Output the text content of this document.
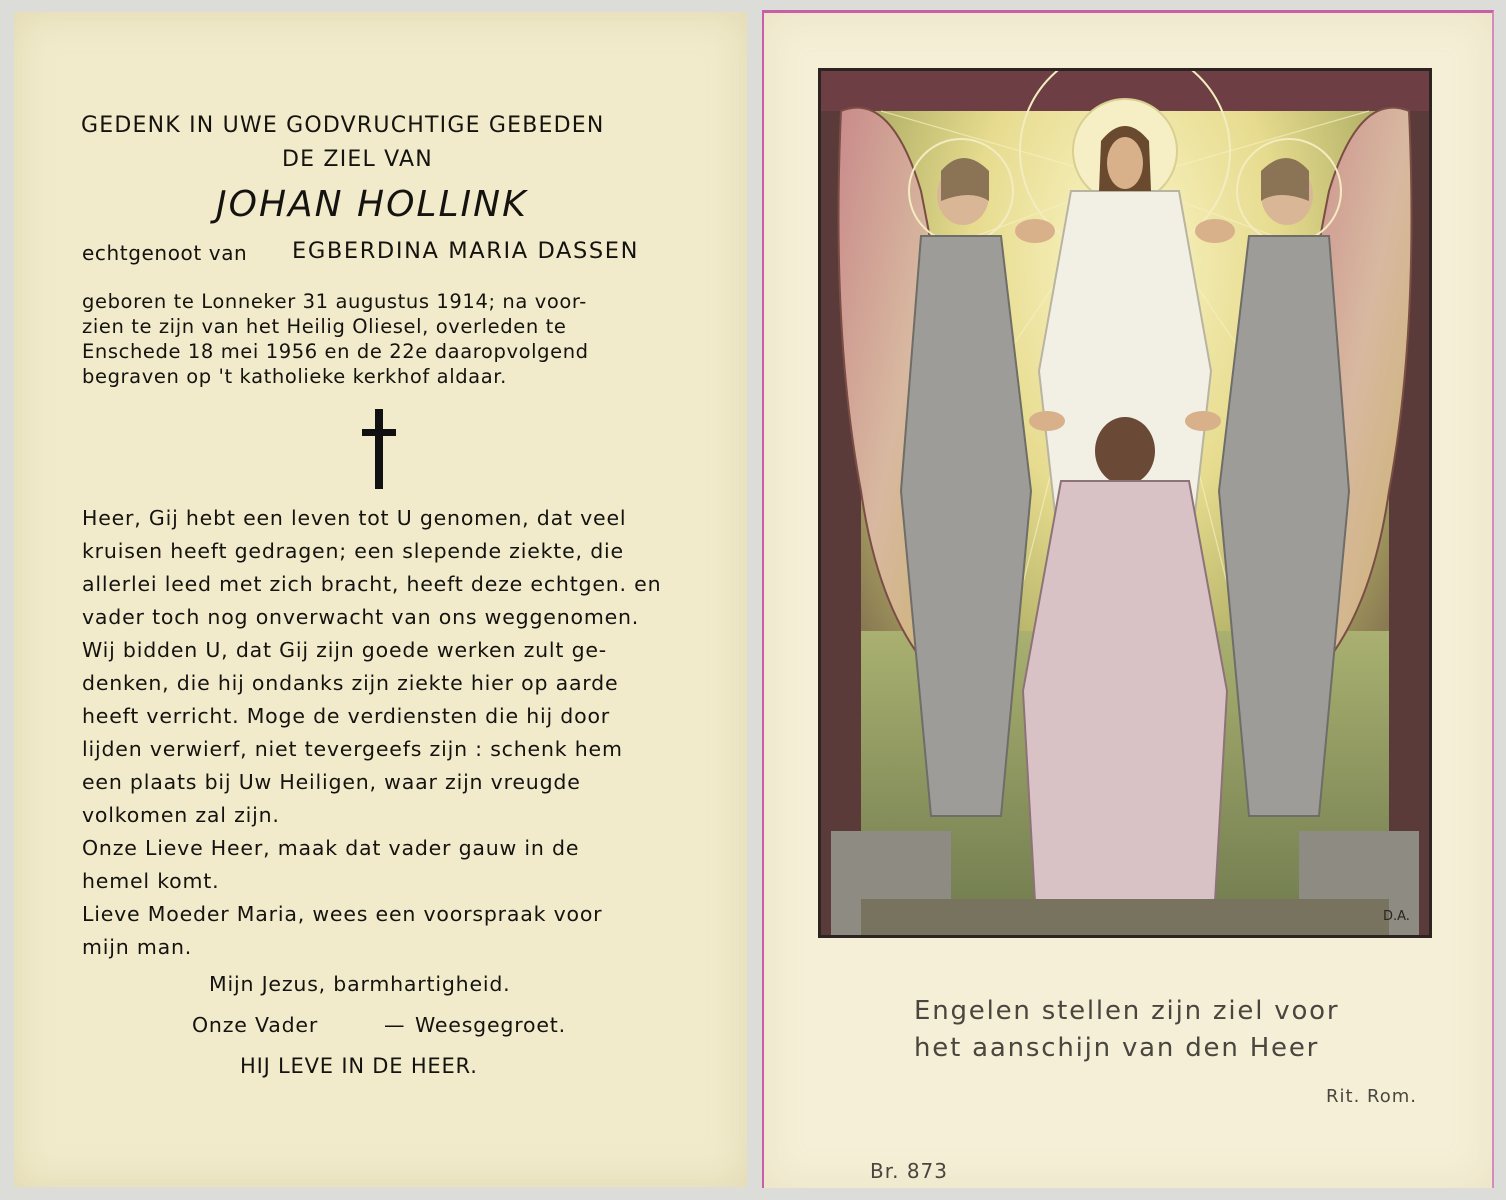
GEDENK IN UWE GODVRUCHTIGE GEBEDEN
DE ZIEL VAN
JOHAN HOLLINK
echtgenoot van EGBERDINA MARIA DASSEN
geboren te Lonneker 31 augustus 1914; na voor-
zien te zijn van het Heilig Oliesel, overleden te
Enschede 18 mei 1956 en de 22e daaropvolgend
begraven op 't katholieke kerkhof aldaar.
Heer, Gij hebt een leven tot U genomen, dat veel
kruisen heeft gedragen; een slepende ziekte, die
allerlei leed met zich bracht, heeft deze echtgen. en
vader toch nog onverwacht van ons weggenomen.
Wij bidden U, dat Gij zijn goede werken zult ge-
denken, die hij ondanks zijn ziekte hier op aarde
heeft verricht. Moge de verdiensten die hij door
lijden verwierf, niet tevergeefs zijn : schenk hem
een plaats bij Uw Heiligen, waar zijn vreugde
volkomen zal zijn.
Onze Lieve Heer, maak dat vader gauw in de
hemel komt.
Lieve Moeder Maria, wees een voorspraak voor
mijn man.
Mijn Jezus, barmhartigheid.
Onze Vader	— Weesgegroet.
HIJ LEVE IN DE HEER.
D.A.
Engelen stellen zijn ziel voor
het aanschijn van den Heer
Rit. Rom.
Br. 873
